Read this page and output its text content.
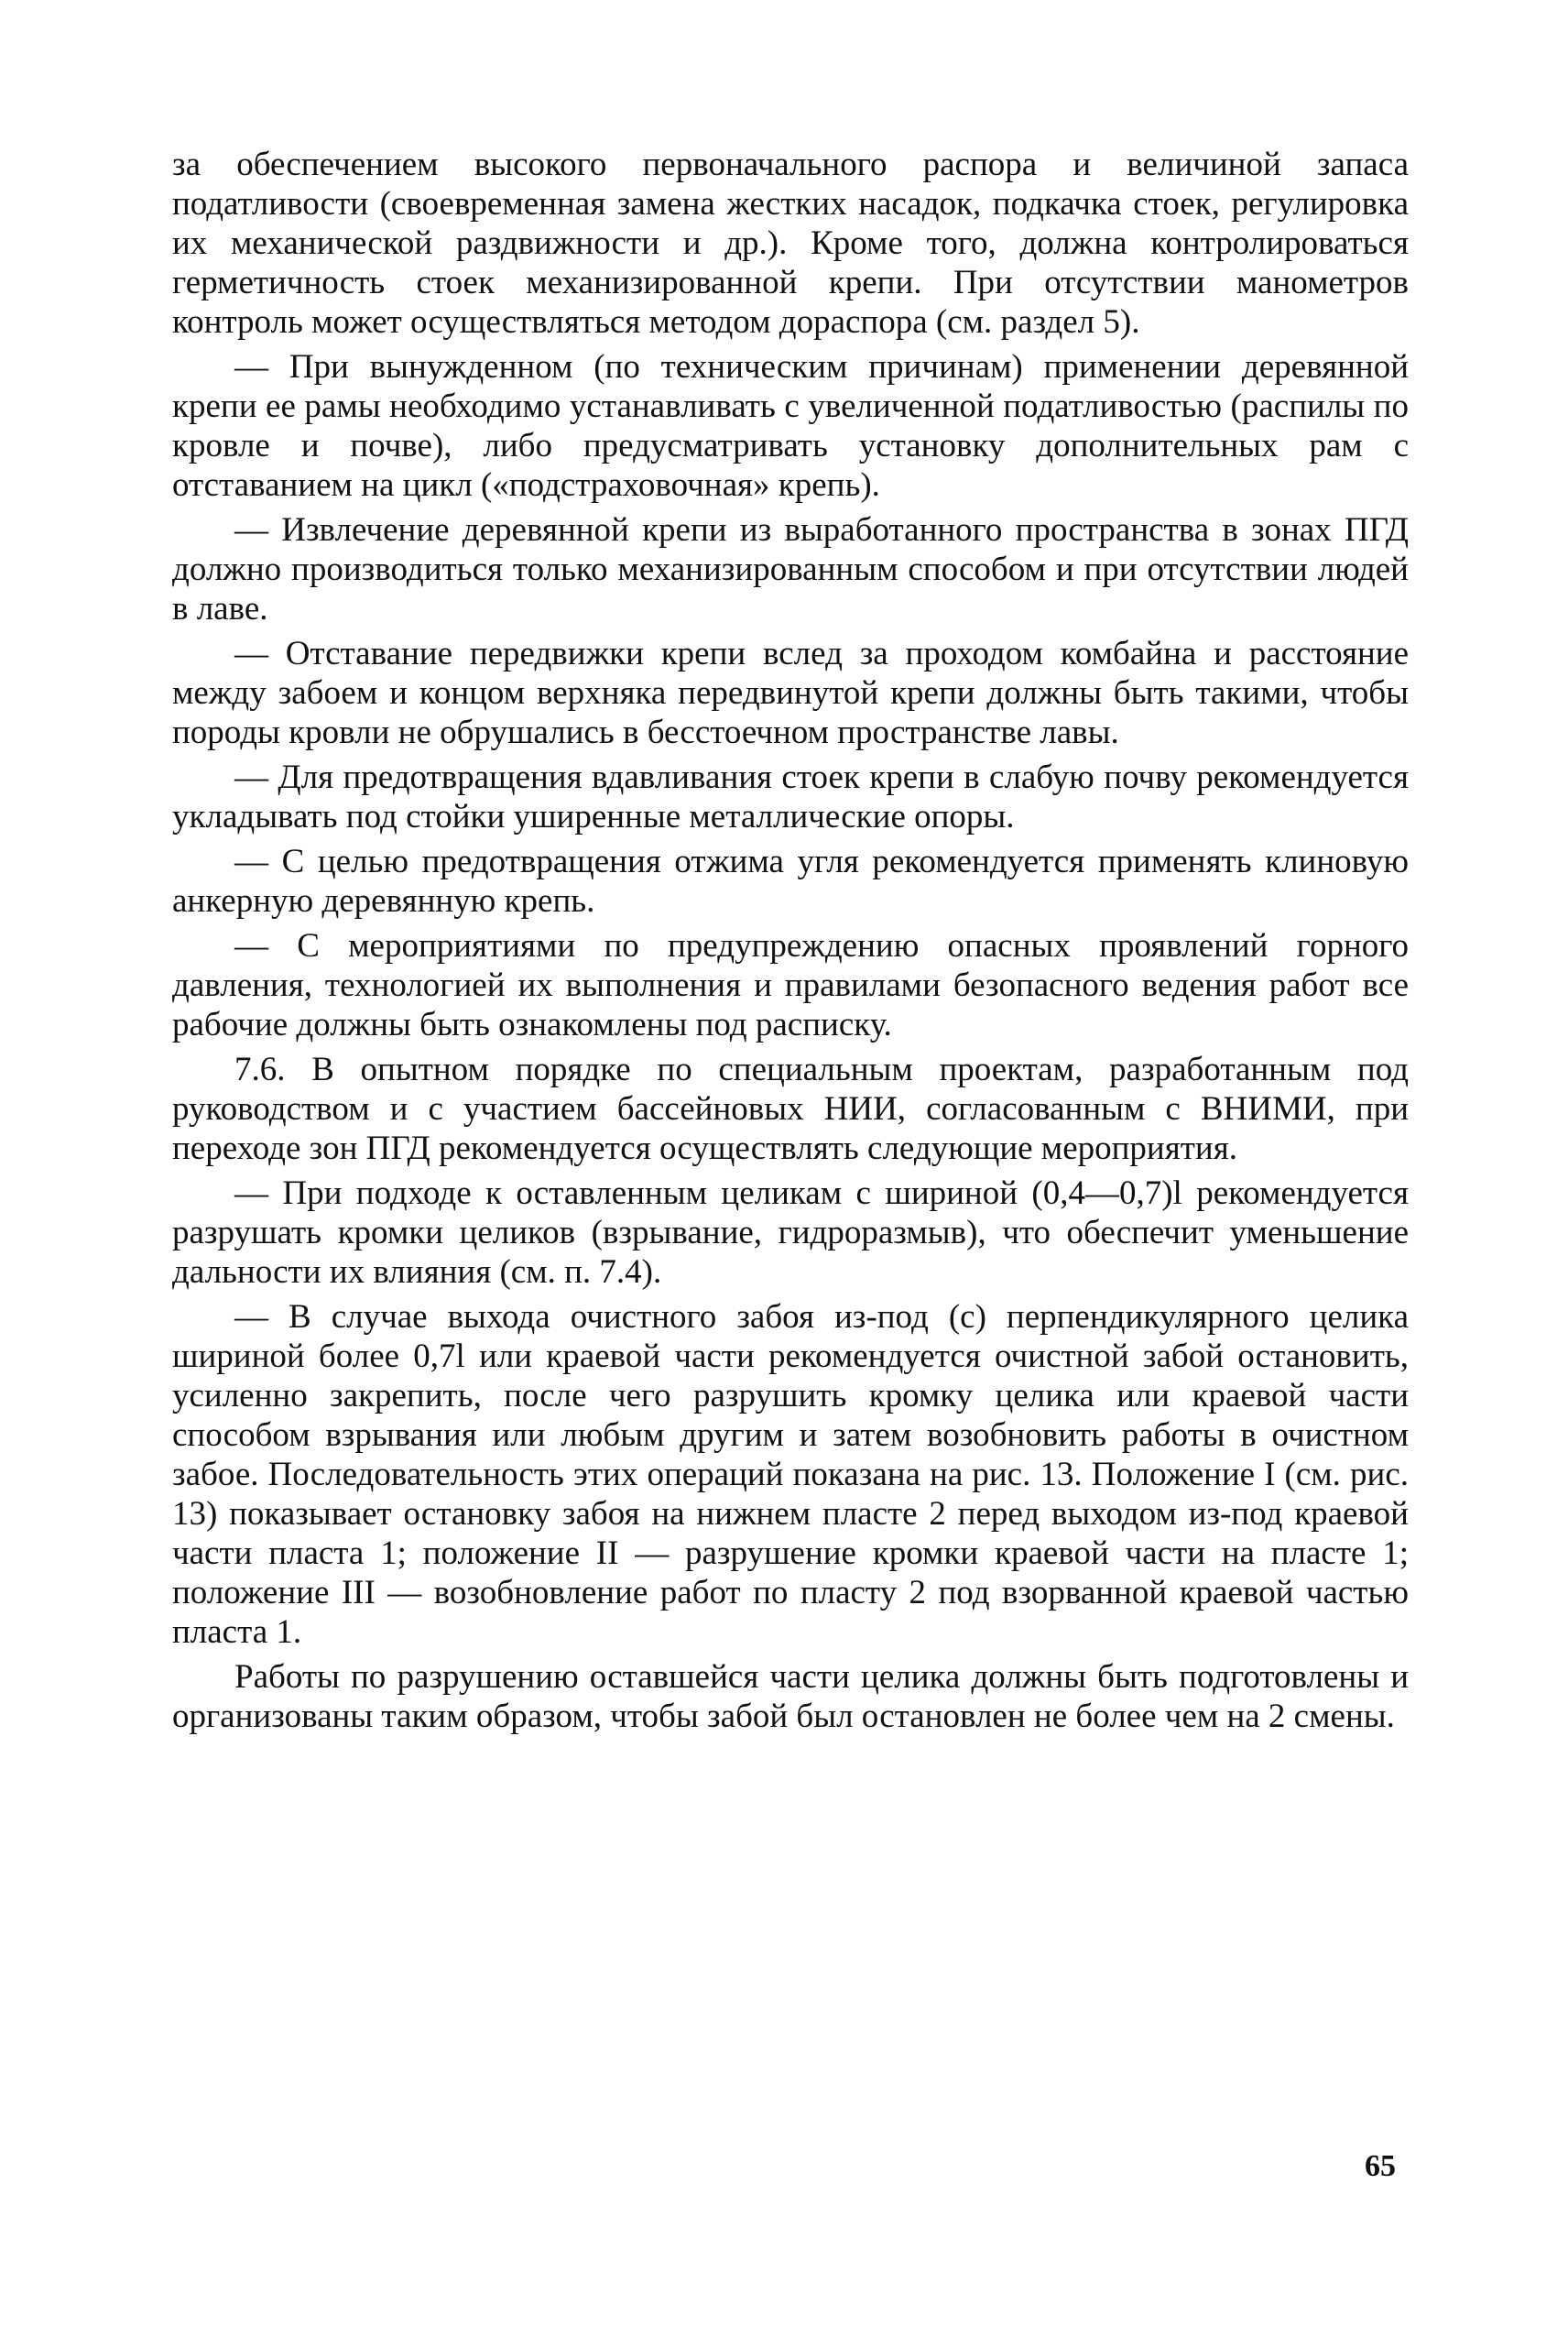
за обеспечением высокого первоначального распора и величиной запаса податливости (своевременная замена жестких насадок, подкачка стоек, регулировка их механической раздвижности и др.). Кроме того, должна контролироваться герметичность стоек механизированной крепи. При отсутствии манометров контроль может осуществляться методом дораспора (см. раздел 5).

— При вынужденном (по техническим причинам) применении деревянной крепи ее рамы необходимо устанавливать с увеличенной податливостью (распилы по кровле и почве), либо предусматривать установку дополнительных рам с отставанием на цикл («подстраховочная» крепь).

— Извлечение деревянной крепи из выработанного пространства в зонах ПГД должно производиться только механизированным способом и при отсутствии людей в лаве.

— Отставание передвижки крепи вслед за проходом комбайна и расстояние между забоем и концом верхняка передвинутой крепи должны быть такими, чтобы породы кровли не обрушались в бесстоечном пространстве лавы.

— Для предотвращения вдавливания стоек крепи в слабую почву рекомендуется укладывать под стойки уширенные металлические опоры.

— С целью предотвращения отжима угля рекомендуется применять клиновую анкерную деревянную крепь.

— С мероприятиями по предупреждению опасных проявлений горного давления, технологией их выполнения и правилами безопасного ведения работ все рабочие должны быть ознакомлены под расписку.

7.6. В опытном порядке по специальным проектам, разработанным под руководством и с участием бассейновых НИИ, согласованным с ВНИМИ, при переходе зон ПГД рекомендуется осуществлять следующие мероприятия.

— При подходе к оставленным целикам с шириной (0,4—0,7)l рекомендуется разрушать кромки целиков (взрывание, гидроразмыв), что обеспечит уменьшение дальности их влияния (см. п. 7.4).

— В случае выхода очистного забоя из-под (с) перпендикулярного целика шириной более 0,7l или краевой части рекомендуется очистной забой остановить, усиленно закрепить, после чего разрушить кромку целика или краевой части способом взрывания или любым другим и затем возобновить работы в очистном забое. Последовательность этих операций показана на рис. 13. Положение I (см. рис. 13) показывает остановку забоя на нижнем пласте 2 перед выходом из-под краевой части пласта 1; положение II — разрушение кромки краевой части на пласте 1; положение III — возобновление работ по пласту 2 под взорванной краевой частью пласта 1.

Работы по разрушению оставшейся части целика должны быть подготовлены и организованы таким образом, чтобы забой был остановлен не более чем на 2 смены.

65
